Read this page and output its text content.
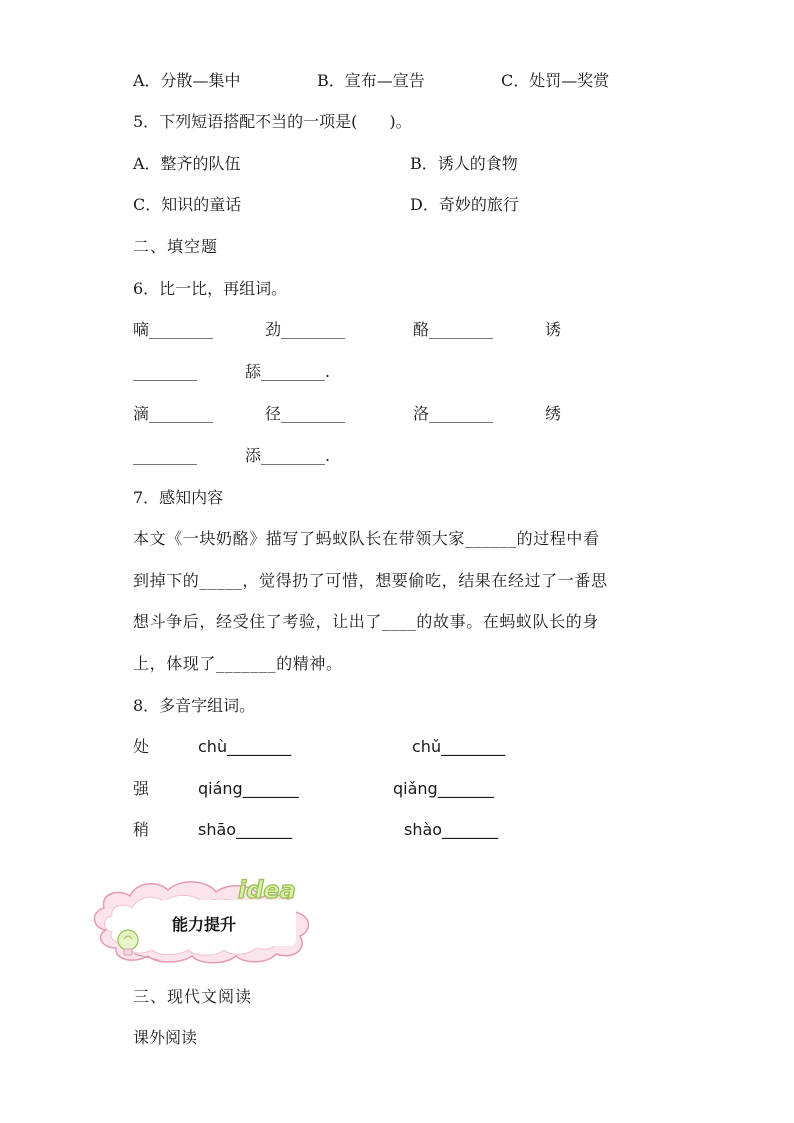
A．分散—集中	B．宣布—宣告	C．处罚—奖赏
5．下列短语搭配不当的一项是(　　)。
A．整齐的队伍	B．诱人的食物
C．知识的童话	D．奇妙的旅行
二、填空题
6．比一比，再组词。
嘀________	劲________	酪________	诱
________	舔________.
滴________	径________	洛________	绣
________	添________.
7．感知内容
本文《一块奶酪》描写了蚂蚁队长在带领大家______的过程中看
到掉下的_____，觉得扔了可惜，想要偷吃，结果在经过了一番思
想斗争后，经受住了考验，让出了____的故事。在蚂蚁队长的身
上，体现了_______的精神。
8．多音字组词。
处	chù________	chǔ________
强	qiáng_______	qiǎng_______
稍	shāo_______	shào_______
idea
能力提升
三、现代文阅读
课外阅读
